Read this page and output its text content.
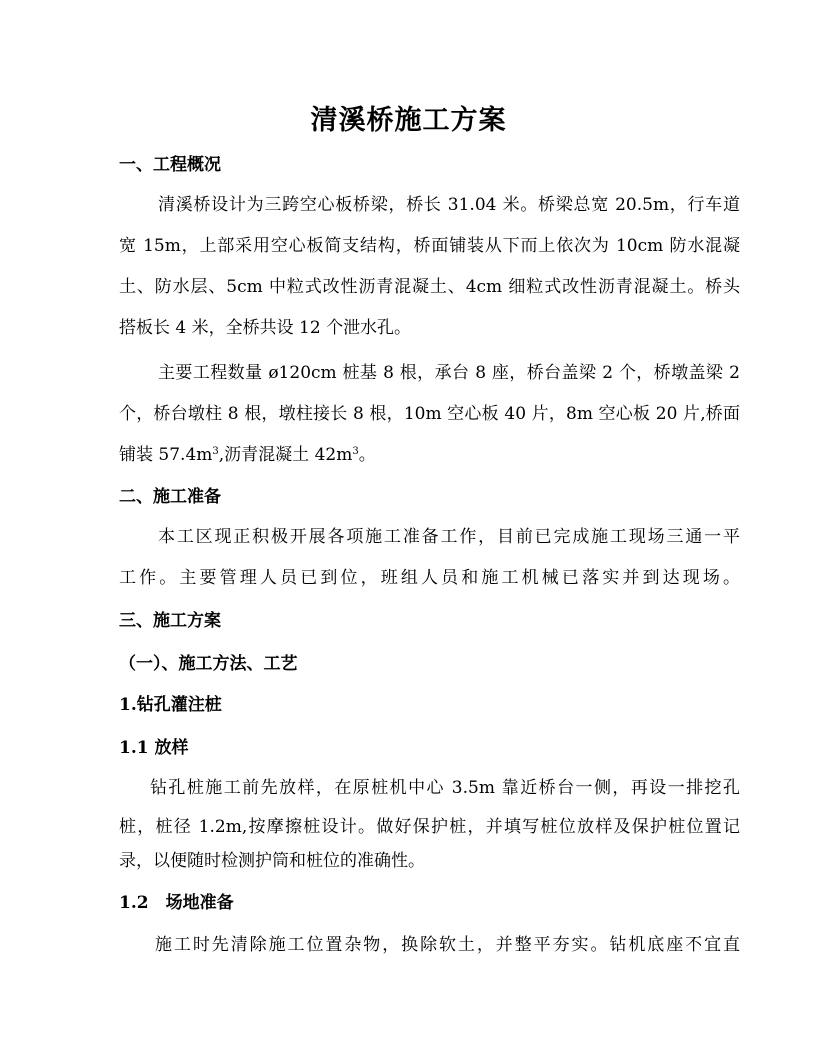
清溪桥施工方案
一、工程概况
清溪桥设计为三跨空心板桥梁，桥长 31.04 米。桥梁总宽 20.5m，行车道
宽 15m，上部采用空心板简支结构，桥面铺装从下而上依次为 10cm 防水混凝
土、防水层、5cm 中粒式改性沥青混凝土、4cm 细粒式改性沥青混凝土。桥头
搭板长 4 米，全桥共设 12 个泄水孔。
主要工程数量 ø120cm 桩基 8 根，承台 8 座，桥台盖梁 2 个，桥墩盖梁 2
个，桥台墩柱 8 根，墩柱接长 8 根，10m 空心板 40 片，8m 空心板 20 片,桥面
铺装 $57.4m^3$,沥青混凝土 $42m^3$。
二、施工准备
本工区现正积极开展各项施工准备工作，目前已完成施工现场三通一平
工作。主要管理人员已到位，班组人员和施工机械已落实并到达现场。
三、施工方案
（一）、施工方法、工艺
1.钻孔灌注桩
1.1 放样
钻孔桩施工前先放样，在原桩机中心 3.5m 靠近桥台一侧，再设一排挖孔
桩，桩径 1.2m,按摩擦桩设计。做好保护桩，并填写桩位放样及保护桩位置记
录，以便随时检测护筒和桩位的准确性。
1.2　场地准备
施工时先清除施工位置杂物，换除软土，并整平夯实。钻机底座不宜直
